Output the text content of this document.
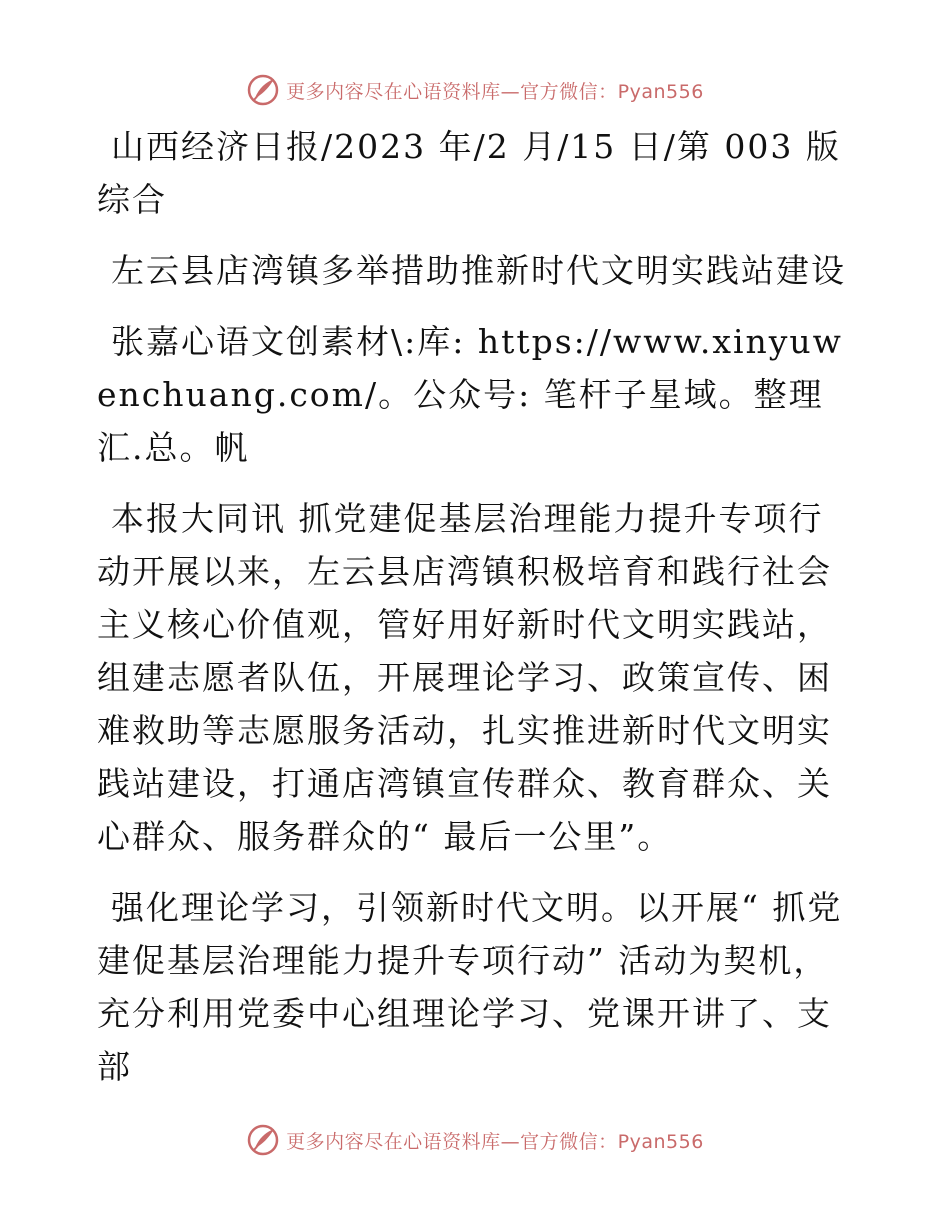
更多内容尽在心语资料库—官方微信：Pyan556

山西经济日报/2023 年/2 月/15 日/第 003 版综合

左云县店湾镇多举措助推新时代文明实践站建设

张嘉心语文创素材\:库: https://www.xinyuwenchuang.com/。公众号: 笔杆子星域。整理汇.总。帆

本报大同讯 抓党建促基层治理能力提升专项行动开展以来，左云县店湾镇积极培育和践行社会主义核心价值观，管好用好新时代文明实践站，组建志愿者队伍，开展理论学习、政策宣传、困难救助等志愿服务活动，扎实推进新时代文明实践站建设，打通店湾镇宣传群众、教育群众、关心群众、服务群众的“ 最后一公里”。

强化理论学习，引领新时代文明。以开展“ 抓党建促基层治理能力提升专项行动” 活动为契机，充分利用党委中心组理论学习、党课开讲了、支部

更多内容尽在心语资料库—官方微信：Pyan556
